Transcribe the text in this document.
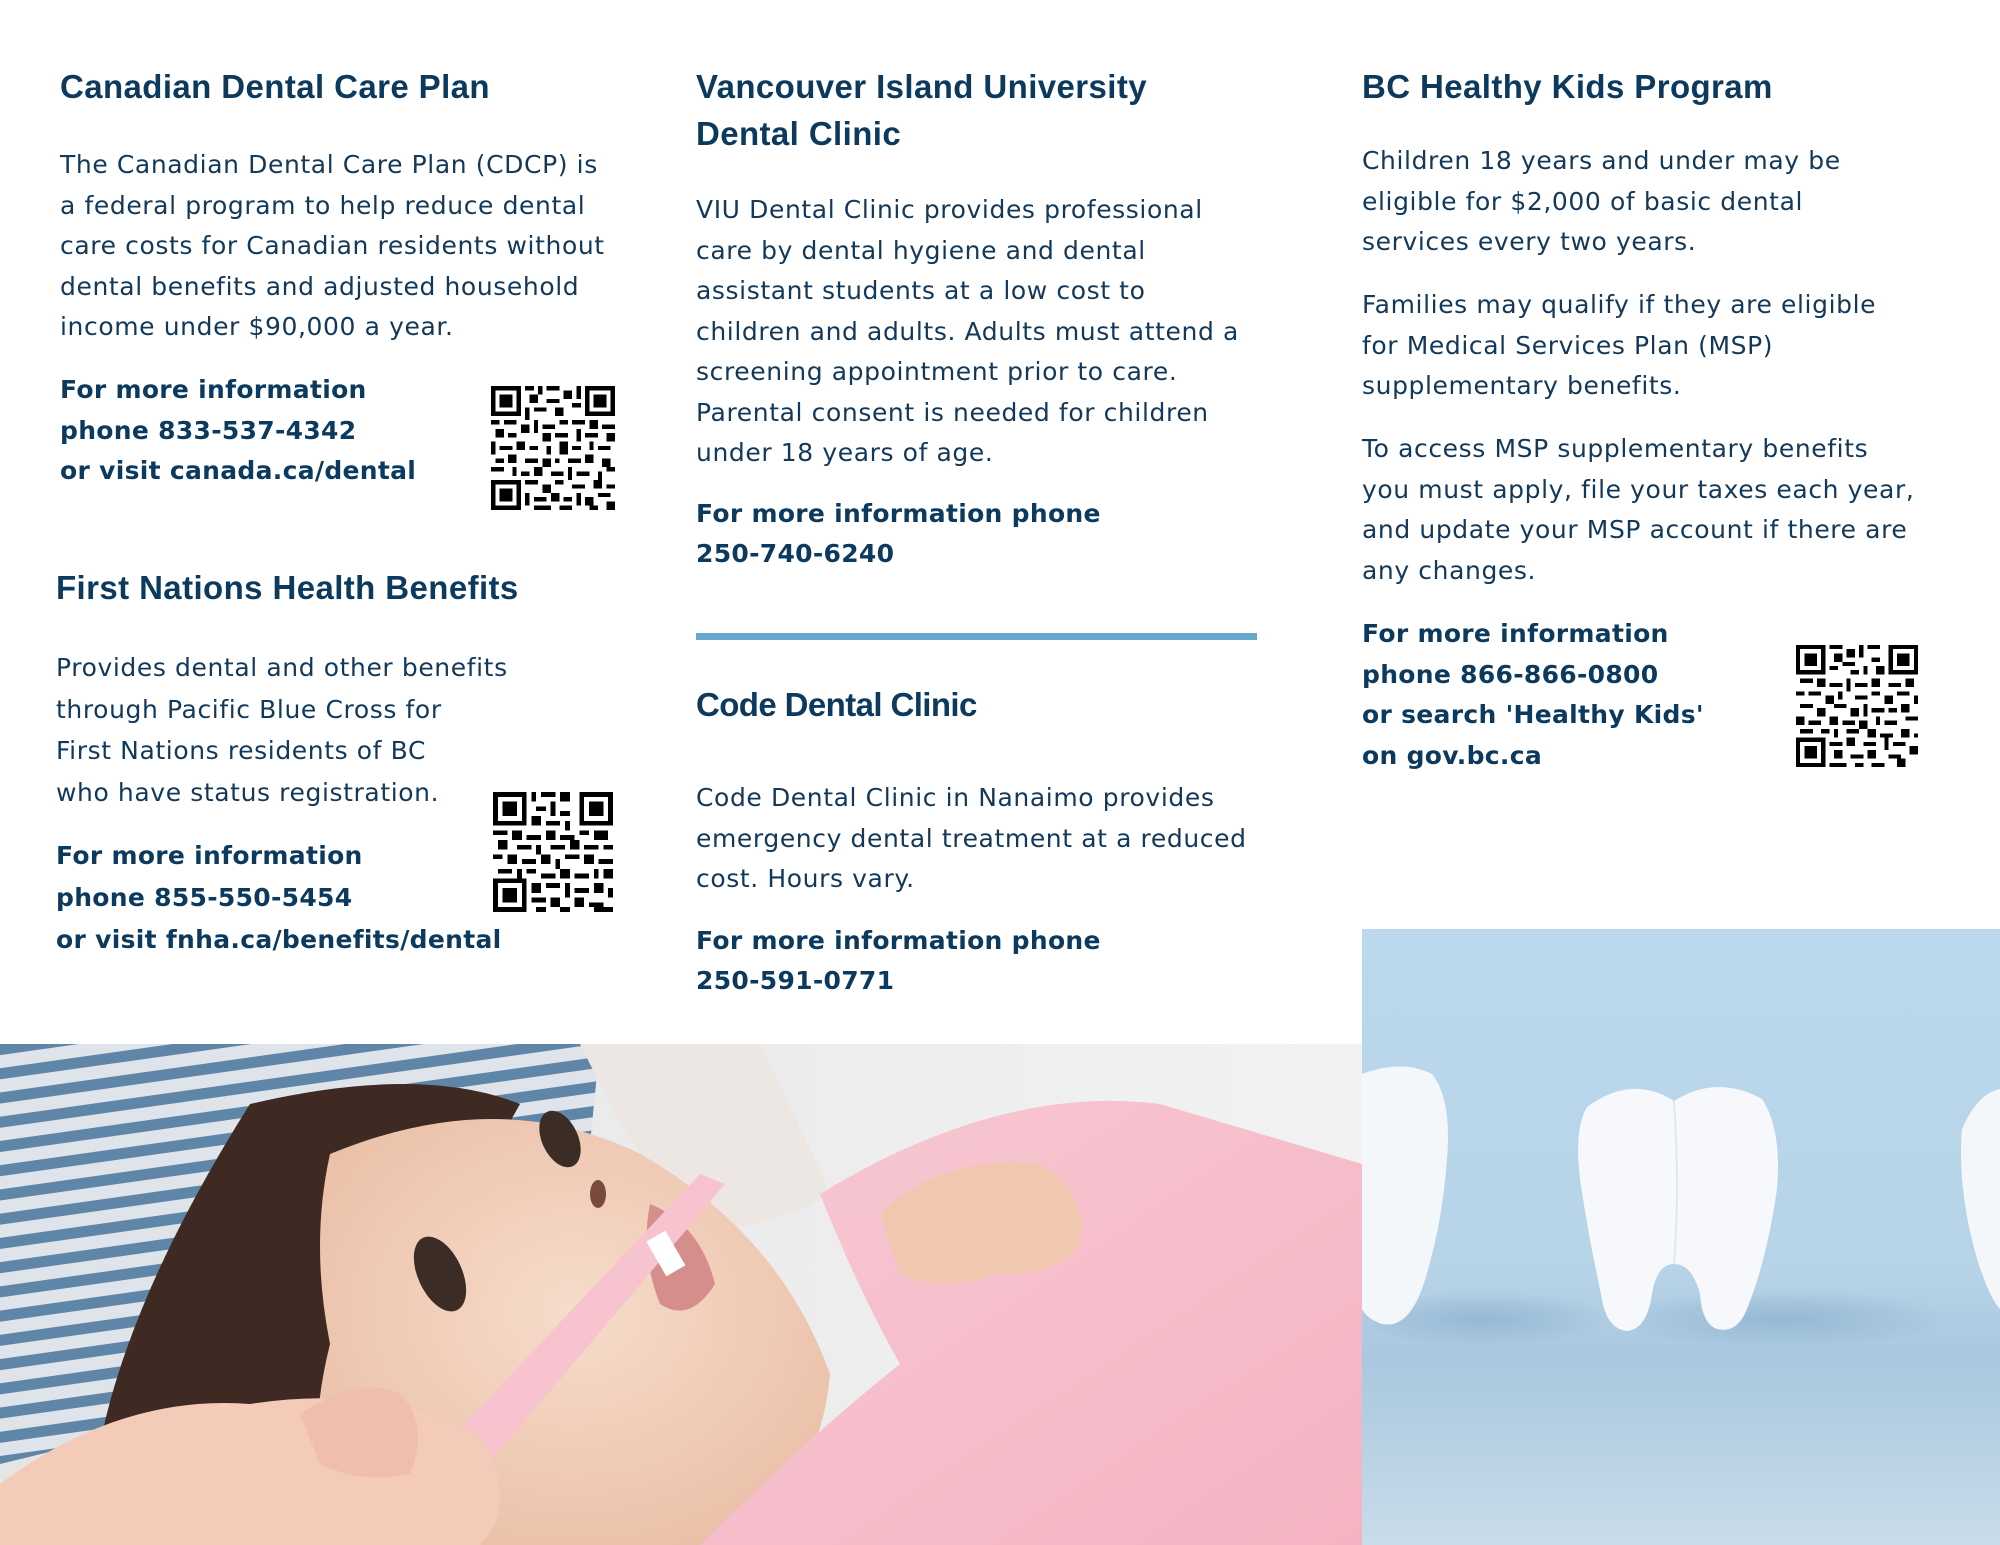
Canadian Dental Care Plan

The Canadian Dental Care Plan (CDCP) is
a federal program to help reduce dental
care costs for Canadian residents without
dental benefits and adjusted household
income under $90,000 a year.

For more information
phone 833-537-4342
or visit canada.ca/dental

First Nations Health Benefits

Provides dental and other benefits
through Pacific Blue Cross for
First Nations residents of BC
who have status registration.

For more information
phone 855-550-5454
or visit fnha.ca/benefits/dental

Vancouver Island University
Dental Clinic

VIU Dental Clinic provides professional
care by dental hygiene and dental
assistant students at a low cost to
children and adults. Adults must attend a
screening appointment prior to care.
Parental consent is needed for children
under 18 years of age.

For more information phone
250-740-6240

Code Dental Clinic

Code Dental Clinic in Nanaimo provides
emergency dental treatment at a reduced
cost. Hours vary.

For more information phone
250-591-0771

BC Healthy Kids Program

Children 18 years and under may be
eligible for $2,000 of basic dental
services every two years.

Families may qualify if they are eligible
for Medical Services Plan (MSP)
supplementary benefits.

To access MSP supplementary benefits
you must apply, file your taxes each year,
and update your MSP account if there are
any changes.

For more information
phone 866-866-0800
or search 'Healthy Kids'
on gov.bc.ca
